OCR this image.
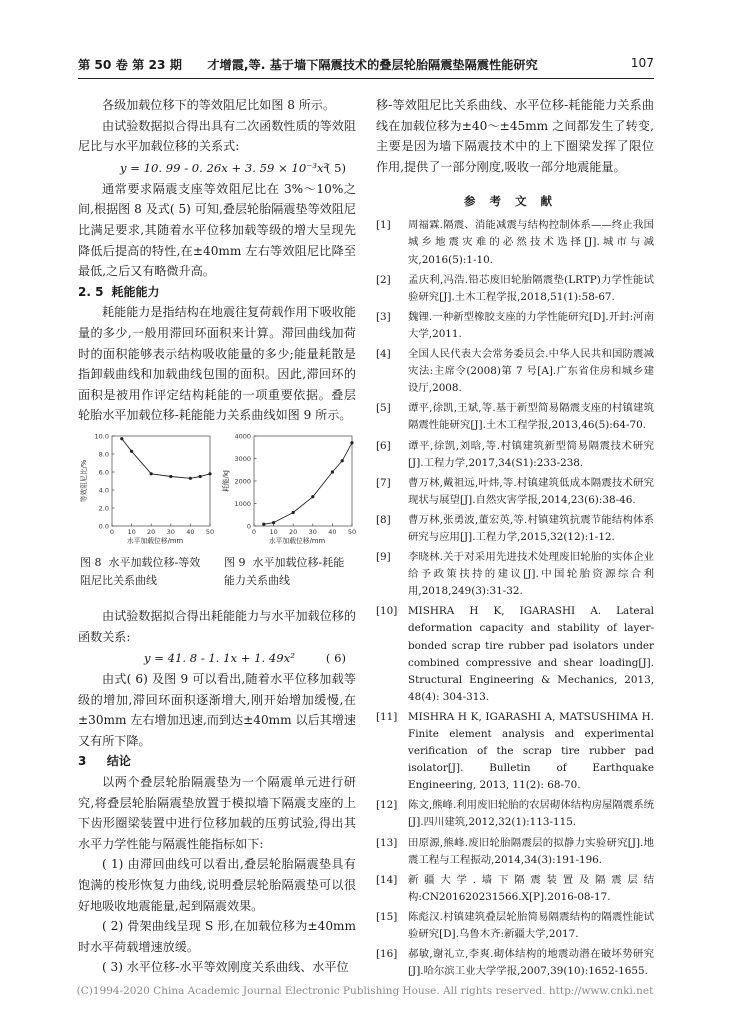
第 50 卷 第 23 期 才增霞,等. 基于墙下隔震技术的叠层轮胎隔震垫隔震性能研究	107

各级加载位移下的等效阻尼比如图 8 所示。

由试验数据拟合得出具有二次函数性质的等效阻尼比与水平加载位移的关系式:

y = 10. 99 - 0. 26x + 3. 59 × 10⁻³x²
( 5)

通常要求隔震支座等效阻尼比在 3%～10%之间,根据图 8 及式( 5) 可知,叠层轮胎隔震垫等效阻尼比满足要求,其随着水平位移加载等级的增大呈现先降低后提高的特性,在±40mm 左右等效阻尼比降至最低,之后又有略微升高。

2. 5 耗能能力

耗能能力是指结构在地震往复荷载作用下吸收能量的多少,一般用滞回环面积来计算。滞回曲线加荷时的面积能够表示结构吸收能量的多少;能量耗散是指卸载曲线和加载曲线包围的面积。因此,滞回环的面积是被用作评定结构耗能的一项重要依据。叠层轮胎水平加载位移-耗能能力关系曲线如图 9 所示。

0.0
2.0
4.0
6.0
8.0
10.0
0 10 20 30 40 50
水平加载位移/mm
等效阻尼比/%
0
1000
2000
3000
4000
0 10 20 30 40 50
水平加载位移/mm
耗能/kJ
图 8 水平加载位移-等效阻尼比关系曲线
图 9 水平加载位移-耗能能力关系曲线

由试验数据拟合得出耗能能力与水平加载位移的函数关系:

y = 41. 8 - 1. 1x + 1. 49x²	( 6)

由式( 6) 及图 9 可以看出,随着水平位移加载等级的增加,滞回环面积逐渐增大,刚开始增加缓慢,在±30mm 左右增加迅速,而到达±40mm 以后其增速又有所下降。

3 结论

以两个叠层轮胎隔震垫为一个隔震单元进行研究,将叠层轮胎隔震垫放置于模拟墙下隔震支座的上下齿形圈梁装置中进行位移加载的压剪试验,得出其水平力学性能与隔震性能指标如下:

( 1) 由滞回曲线可以看出,叠层轮胎隔震垫具有饱满的梭形恢复力曲线,说明叠层轮胎隔震垫可以很好地吸收地震能量,起到隔震效果。

( 2) 骨架曲线呈现 S 形,在加载位移为±40mm 时水平荷载增速放缓。

( 3) 水平位移-水平等效刚度关系曲线、水平位

移-等效阻尼比关系曲线、水平位移-耗能能力关系曲线在加载位移为±40～±45mm 之间都发生了转变,主要是因为墙下隔震技术中的上下圈梁发挥了限位作用,提供了一部分刚度,吸收一部分地震能量。

参考文献
[1]	周福霖.隔震、消能减震与结构控制体系——终止我国城乡地震灾难的必然技术选择[J].城市与减灾,2016(5):1-10.
[2]	孟庆利,冯浩.铅芯废旧轮胎隔震垫(LRTP)力学性能试验研究[J].土木工程学报,2018,51(1):58-67.
[3]	魏锂.一种新型橡胶支座的力学性能研究[D].开封:河南大学,2011.
[4]	全国人民代表大会常务委员会.中华人民共和国防震减灾法:主席令(2008)第 7 号[A].广东省住房和城乡建设厅,2008.
[5]	谭平,徐凯,王斌,等.基于新型简易隔震支座的村镇建筑隔震性能研究[J].土木工程学报,2013,46(5):64-70.
[6]	谭平,徐凯,刘晗,等.村镇建筑新型简易隔震技术研究[J].工程力学,2017,34(S1):233-238.
[7]	曹万林,戴祖远,叶炜,等.村镇建筑低成本隔震技术研究现状与展望[J].自然灾害学报,2014,23(6):38-46.
[8]	曹万林,张勇波,董宏英,等.村镇建筑抗震节能结构体系研究与应用[J].工程力学,2015,32(12):1-12.
[9]	李晓林.关于对采用先进技术处理废旧轮胎的实体企业给予政策扶持的建议[J].中国轮胎资源综合利用,2018,249(3):31-32.
[10]	MISHRA H K, IGARASHI A. Lateral deformation capacity and stability of layer-bonded scrap tire rubber pad isolators under combined compressive and shear loading[J]. Structural Engineering & Mechanics, 2013, 48(4): 304-313.
[11]	MISHRA H K, IGARASHI A, MATSUSHIMA H. Finite element analysis and experimental verification of the scrap tire rubber pad isolator[J]. Bulletin of Earthquake Engineering, 2013, 11(2): 68-70.
[12]	陈文,熊峰.利用废旧轮胎的农居砌体结构房屋隔震系统[J].四川建筑,2012,32(1):113-115.
[13]	田原源,熊峰.废旧轮胎隔震层的拟静力实验研究[J].地震工程与工程振动,2014,34(3):191-196.
[14]	新疆大学.墙下隔震装置及隔震层结构:CN201620231566.X[P].2016-08-17.
[15]	陈彪汉.村镇建筑叠层轮胎简易隔震结构的隔震性能试验研究[D].乌鲁木齐:新疆大学,2017.
[16]	郝敏,谢礼立,李爽.砌体结构的地震动潜在破坏势研究[J].哈尔滨工业大学学报,2007,39(10):1652-1655.
(C)1994-2020 China Academic Journal Electronic Publishing House. All rights reserved. http://www.cnki.net
